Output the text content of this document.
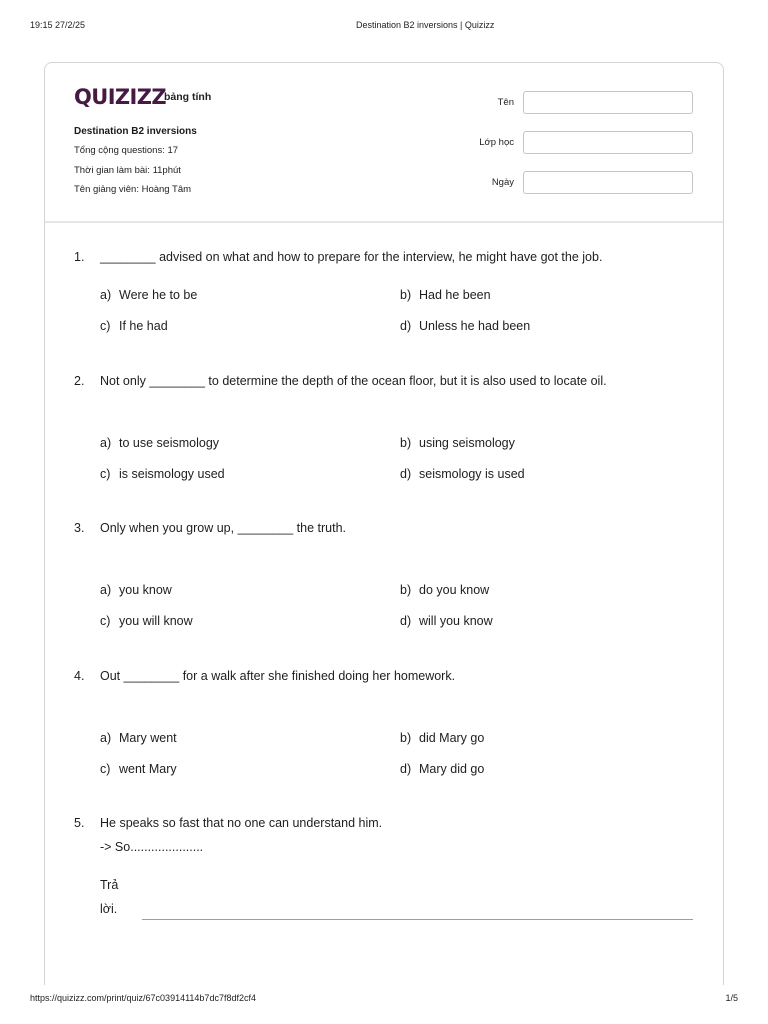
19:15 27/2/25	Destination B2 inversions | Quizizz
QUIZIZZ
bảng tính
Destination B2 inversions
Tổng cộng questions: 17
Thời gian làm bài: 11phút
Tên giảng viên: Hoàng Tâm
Tên
Lớp học
Ngày
1. ________ advised on what and how to prepare for the interview, he might have got the job.
a) Were he to be	b) Had he been
c) If he had	d) Unless he had been
2. Not only ________ to determine the depth of the ocean floor, but it is also used to locate oil.
a) to use seismology	b) using seismology
c) is seismology used	d) seismology is used
3. Only when you grow up, ________ the truth.
a) you know	b) do you know
c) you will know	d) will you know
4. Out ________ for a walk after she finished doing her homework.
a) Mary went	b) did Mary go
c) went Mary	d) Mary did go
5. He speaks so fast that no one can understand him.
-> So.....................
Trả lời.
https://quizizz.com/print/quiz/67c03914114b7dc7f8df2cf4	1/5
